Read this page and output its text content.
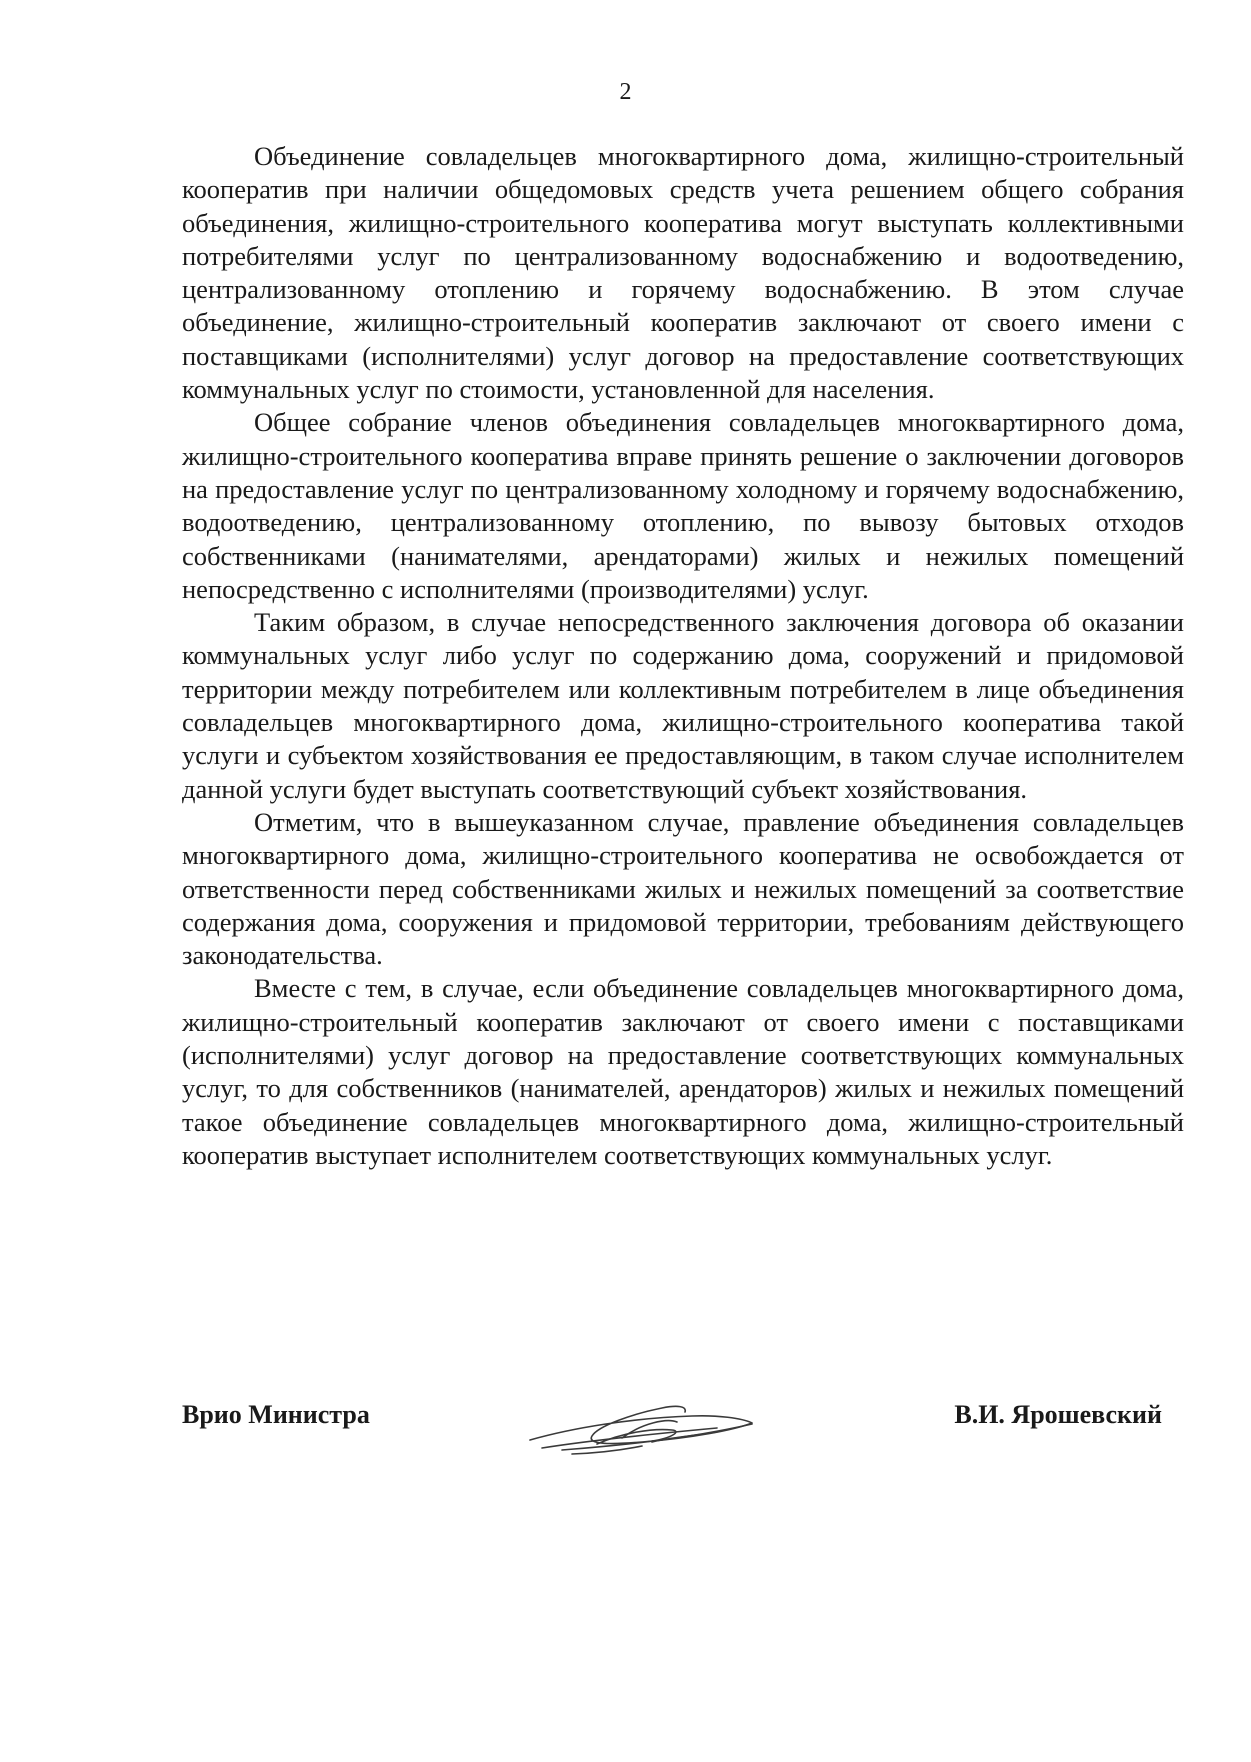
2

Объединение совладельцев многоквартирного дома, жилищно-строительный кооператив при наличии общедомовых средств учета решением общего собрания объединения, жилищно-строительного кооператива могут выступать коллективными потребителями услуг по централизованному водоснабжению и водоотведению, централизованному отоплению и горячему водоснабжению. В этом случае объединение, жилищно-строительный кооператив заключают от своего имени с поставщиками (исполнителями) услуг договор на предоставление соответствующих коммунальных услуг по стоимости, установленной для населения.

Общее собрание членов объединения совладельцев многоквартирного дома, жилищно-строительного кооператива вправе принять решение о заключении договоров на предоставление услуг по централизованному холодному и горячему водоснабжению, водоотведению, централизованному отоплению, по вывозу бытовых отходов собственниками (нанимателями, арендаторами) жилых и нежилых помещений непосредственно с исполнителями (производителями) услуг.

Таким образом, в случае непосредственного заключения договора об оказании коммунальных услуг либо услуг по содержанию дома, сооружений и придомовой территории между потребителем или коллективным потребителем в лице объединения совладельцев многоквартирного дома, жилищно-строительного кооператива такой услуги и субъектом хозяйствования ее предоставляющим, в таком случае исполнителем данной услуги будет выступать соответствующий субъект хозяйствования.

Отметим, что в вышеуказанном случае, правление объединения совладельцев многоквартирного дома, жилищно-строительного кооператива не освобождается от ответственности перед собственниками жилых и нежилых помещений за соответствие содержания дома, сооружения и придомовой территории, требованиям действующего законодательства.

Вместе с тем, в случае, если объединение совладельцев многоквартирного дома, жилищно-строительный кооператив заключают от своего имени с поставщиками (исполнителями) услуг договор на предоставление соответствующих коммунальных услуг, то для собственников (нанимателей, арендаторов) жилых и нежилых помещений такое объединение совладельцев многоквартирного дома, жилищно-строительный кооператив выступает исполнителем соответствующих коммунальных услуг.

Врио Министра	В.И. Ярошевский
